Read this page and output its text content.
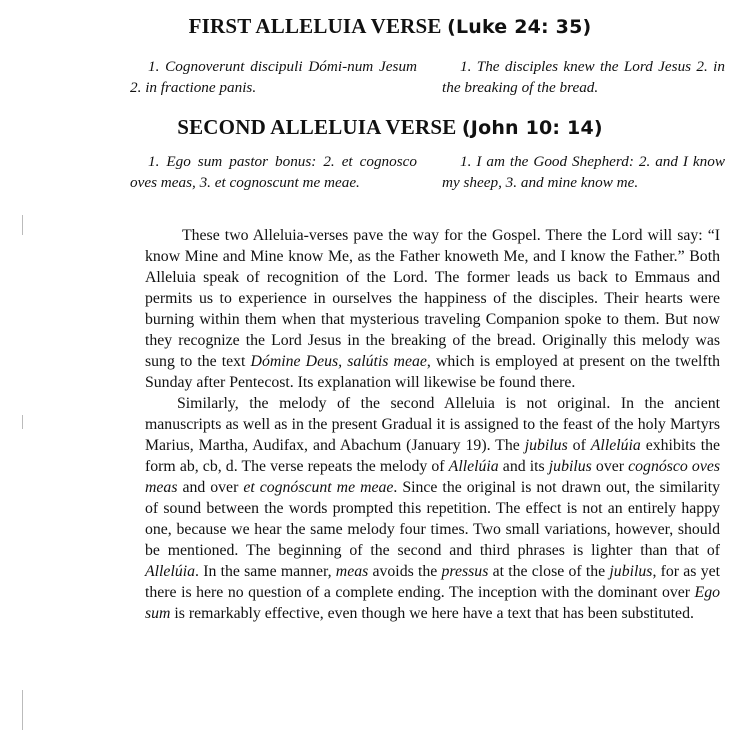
FIRST ALLELUIA VERSE (Luke 24: 35)

1. Cognoverunt discipuli Dómi-num Jesum 2. in fractione panis.

1. The disciples knew the Lord Jesus 2. in the breaking of the bread.

SECOND ALLELUIA VERSE (John 10: 14)

1. Ego sum pastor bonus: 2. et cognosco oves meas, 3. et cognoscunt me meae.

1. I am the Good Shepherd: 2. and I know my sheep, 3. and mine know me.

These two Alleluia-verses pave the way for the Gospel. There the Lord will say: “I know Mine and Mine know Me, as the Father knoweth Me, and I know the Father.” Both Alleluia speak of recognition of the Lord. The former leads us back to Emmaus and permits us to experience in ourselves the happiness of the disciples. Their hearts were burning within them when that mysterious traveling Companion spoke to them. But now they recognize the Lord Jesus in the breaking of the bread. Originally this melody was sung to the text Dómine Deus, salútis meae, which is employed at present on the twelfth Sunday after Pentecost. Its explanation will likewise be found there.

Similarly, the melody of the second Alleluia is not original. In the ancient manuscripts as well as in the present Gradual it is assigned to the feast of the holy Martyrs Marius, Martha, Audifax, and Abachum (January 19). The jubilus of Allelúia exhibits the form ab, cb, d. The verse repeats the melody of Allelúia and its jubilus over cognósco oves meas and over et cognóscunt me meae. Since the original is not drawn out, the similarity of sound between the words prompted this repetition. The effect is not an entirely happy one, because we hear the same melody four times. Two small variations, however, should be mentioned. The beginning of the second and third phrases is lighter than that of Allelúia. In the same manner, meas avoids the pressus at the close of the jubilus, for as yet there is here no question of a complete ending. The inception with the dominant over Ego sum is remarkably effective, even though we here have a text that has been substituted.
